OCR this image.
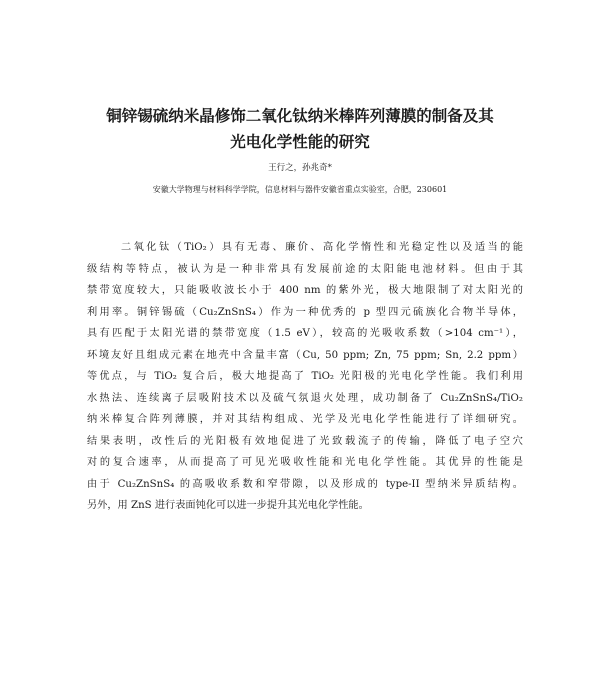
铜锌锡硫纳米晶修饰二氧化钛纳米棒阵列薄膜的制备及其
光电化学性能的研究
王行之，孙兆奇*
安徽大学物理与材料科学学院，信息材料与器件安徽省重点实验室，合肥，230601
二氧化钛（TiO₂）具有无毒、廉价、高化学惰性和光稳定性以及适当的能
级结构等特点，被认为是一种非常具有发展前途的太阳能电池材料。但由于其
禁带宽度较大，只能吸收波长小于 400 nm 的紫外光，极大地限制了对太阳光的
利用率。铜锌锡硫（Cu₂ZnSnS₄）作为一种优秀的 p 型四元硫族化合物半导体，
具有匹配于太阳光谱的禁带宽度（1.5 eV），较高的光吸收系数（>104 cm⁻¹），
环境友好且组成元素在地壳中含量丰富（Cu, 50 ppm; Zn, 75 ppm; Sn, 2.2 ppm）
等优点，与 TiO₂ 复合后，极大地提高了 TiO₂ 光阳极的光电化学性能。我们利用
水热法、连续离子层吸附技术以及硫气氛退火处理，成功制备了 Cu₂ZnSnS₄/TiO₂
纳米棒复合阵列薄膜，并对其结构组成、光学及光电化学性能进行了详细研究。
结果表明，改性后的光阳极有效地促进了光致载流子的传输，降低了电子空穴
对的复合速率，从而提高了可见光吸收性能和光电化学性能。其优异的性能是
由于 Cu₂ZnSnS₄ 的高吸收系数和窄带隙，以及形成的 type-II 型纳米异质结构。
另外，用 ZnS 进行表面钝化可以进一步提升其光电化学性能。
